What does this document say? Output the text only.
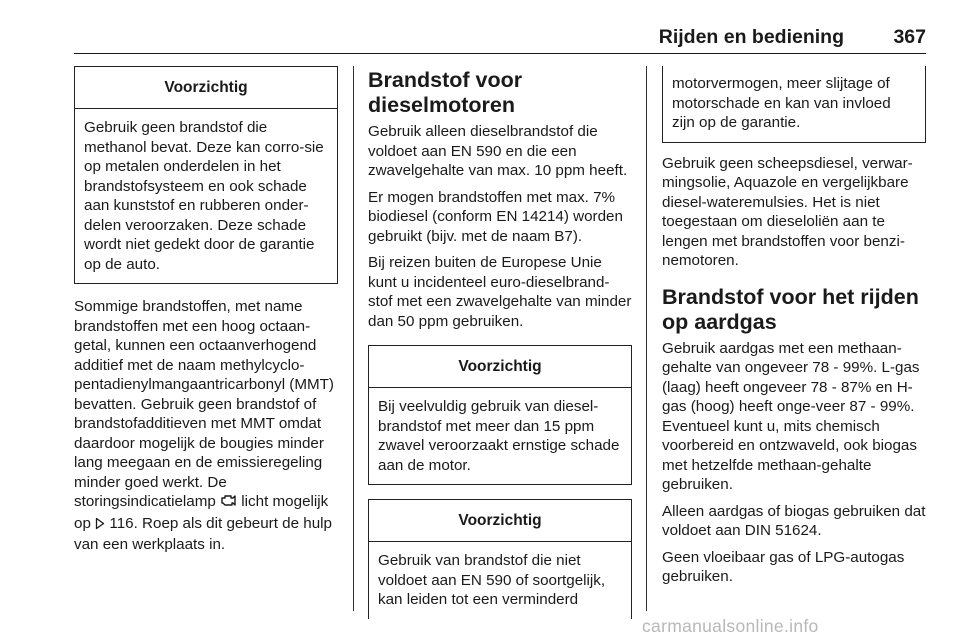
Rijden en bediening	367
Voorzichtig
Gebruik geen brandstof die methanol bevat. Deze kan corro-sie op metalen onderdelen in het brandstofsysteem en ook schade aan kunststof en rubberen onder-delen veroorzaken. Deze schade wordt niet gedekt door de garantie op de auto.
Sommige brandstoffen, met name brandstoffen met een hoog octaan-getal, kunnen een octaanverhogend additief met de naam methylcyclo-pentadienylmangaantricarbonyl (MMT) bevatten. Gebruik geen brandstof of brandstofadditieven met MMT omdat daardoor mogelijk de bougies minder lang meegaan en de emissieregeling minder goed werkt. De storingsindicatielamp licht mogelijk op 116. Roep als dit gebeurt de hulp van een werkplaats in.
Brandstof voor dieselmotoren
Gebruik alleen dieselbrandstof die voldoet aan EN 590 en die een zwavelgehalte van max. 10 ppm heeft.
Er mogen brandstoffen met max. 7% biodiesel (conform EN 14214) worden gebruikt (bijv. met de naam B7).
Bij reizen buiten de Europese Unie kunt u incidenteel euro-dieselbrand-stof met een zwavelgehalte van minder dan 50 ppm gebruiken.
Voorzichtig
Bij veelvuldig gebruik van diesel-brandstof met meer dan 15 ppm zwavel veroorzaakt ernstige schade aan de motor.
Voorzichtig
Gebruik van brandstof die niet voldoet aan EN 590 of soortgelijk, kan leiden tot een verminderd
motorvermogen, meer slijtage of motorschade en kan van invloed zijn op de garantie.
Gebruik geen scheepsdiesel, verwar-mingsolie, Aquazole en vergelijkbare diesel-wateremulsies. Het is niet toegestaan om dieseloliën aan te lengen met brandstoffen voor benzi-nemotoren.
Brandstof voor het rijden op aardgas
Gebruik aardgas met een methaan-gehalte van ongeveer 78 - 99%. L-gas (laag) heeft ongeveer 78 - 87% en H-gas (hoog) heeft onge-veer 87 - 99%. Eventueel kunt u, mits chemisch voorbereid en ontzwaveld, ook biogas met hetzelfde methaan-gehalte gebruiken.
Alleen aardgas of biogas gebruiken dat voldoet aan DIN 51624.
Geen vloeibaar gas of LPG-autogas gebruiken.
carmanualsonline.info
